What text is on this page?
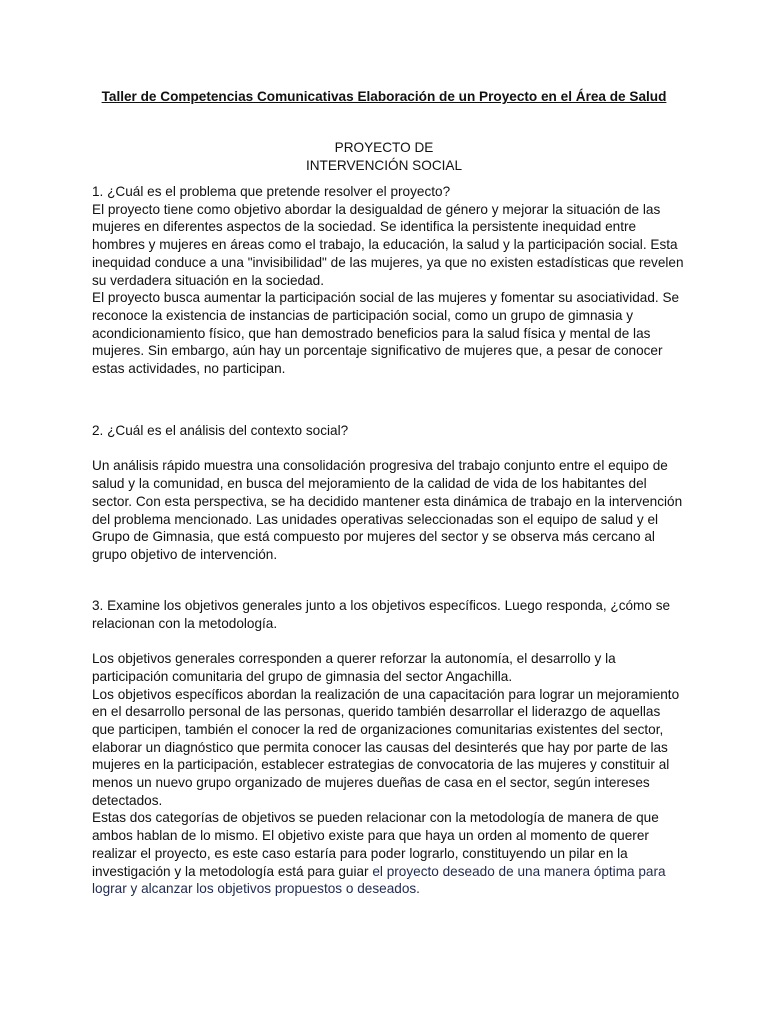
Taller de Competencias Comunicativas Elaboración de un Proyecto en el Área de Salud
PROYECTO DE
INTERVENCIÓN SOCIAL

1. ¿Cuál es el problema que pretende resolver el proyecto?

El proyecto tiene como objetivo abordar la desigualdad de género y mejorar la situación de las mujeres en diferentes aspectos de la sociedad. Se identifica la persistente inequidad entre hombres y mujeres en áreas como el trabajo, la educación, la salud y la participación social. Esta inequidad conduce a una "invisibilidad" de las mujeres, ya que no existen estadísticas que revelen su verdadera situación en la sociedad.

El proyecto busca aumentar la participación social de las mujeres y fomentar su asociatividad. Se reconoce la existencia de instancias de participación social, como un grupo de gimnasia y acondicionamiento físico, que han demostrado beneficios para la salud física y mental de las mujeres. Sin embargo, aún hay un porcentaje significativo de mujeres que, a pesar de conocer estas actividades, no participan.

2. ¿Cuál es el análisis del contexto social?

Un análisis rápido muestra una consolidación progresiva del trabajo conjunto entre el equipo de salud y la comunidad, en busca del mejoramiento de la calidad de vida de los habitantes del sector. Con esta perspectiva, se ha decidido mantener esta dinámica de trabajo en la intervención del problema mencionado. Las unidades operativas seleccionadas son el equipo de salud y el Grupo de Gimnasia, que está compuesto por mujeres del sector y se observa más cercano al grupo objetivo de intervención.

3. Examine los objetivos generales junto a los objetivos específicos. Luego responda, ¿cómo se relacionan con la metodología.

Los objetivos generales corresponden a querer reforzar la autonomía, el desarrollo y la participación comunitaria del grupo de gimnasia del sector Angachilla.

Los objetivos específicos abordan la realización de una capacitación para lograr un mejoramiento en el desarrollo personal de las personas, querido también desarrollar el liderazgo de aquellas que participen, también el conocer la red de organizaciones comunitarias existentes del sector, elaborar un diagnóstico que permita conocer las causas del desinterés que hay por parte de las mujeres en la participación, establecer estrategias de convocatoria de las mujeres y constituir al menos un nuevo grupo organizado de mujeres dueñas de casa en el sector, según intereses detectados.

Estas dos categorías de objetivos se pueden relacionar con la metodología de manera de que ambos hablan de lo mismo. El objetivo existe para que haya un orden al momento de querer realizar el proyecto, es este caso estaría para poder lograrlo, constituyendo un pilar en la investigación y la metodología está para guiar el proyecto deseado de una manera óptima para lograr y alcanzar los objetivos propuestos o deseados.
